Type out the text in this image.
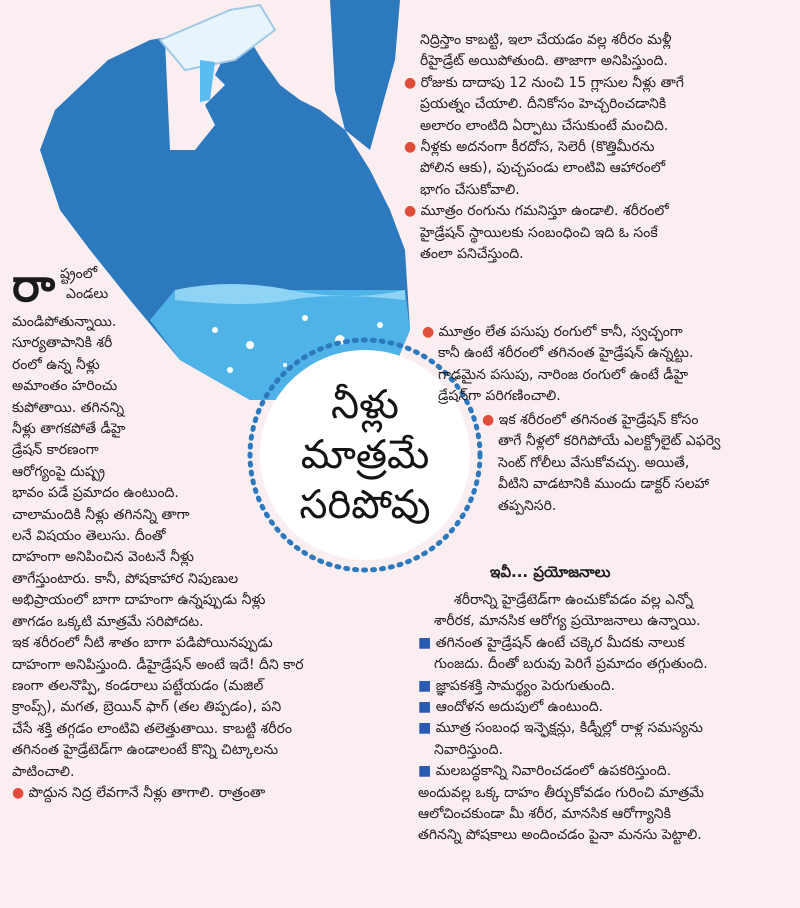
నీళ్లు
మాత్రమే
సరిపోవు
రా ష్ట్రంలో
ఎండలు
మండిపోతున్నాయి.
సూర్యతాపానికి శరీ
రంలో ఉన్న నీళ్లు
అమాంతం హరించు
కుపోతాయి. తగినన్ని
నీళ్లు తాగకపోతే డీహై
డ్రేషన్ కారణంగా
ఆరోగ్యంపై దుష్ప్ర
భావం పడే ప్రమాదం ఉంటుంది.
చాలామందికి నీళ్లు తగినన్ని తాగా
లనే విషయం తెలుసు. దీంతో
దాహంగా అనిపించిన వెంటనే నీళ్లు
తాగేస్తుంటారు. కానీ, పోషకాహార నిపుణుల
అభిప్రాయంలో బాగా దాహంగా ఉన్నప్పుడు నీళ్లు
తాగడం ఒక్కటి మాత్రమే సరిపోదట.
ఇక శరీరంలో నీటి శాతం బాగా పడిపోయినప్పుడు
దాహంగా అనిపిస్తుంది. డీహైడ్రేషన్ అంటే ఇదే! దీని కార
ణంగా తలనొప్పి, కండరాలు పట్టేయడం (మజిల్
క్రాంప్స్), మగత, బ్రెయిన్ ఫాగ్ (తల తిప్పడం), పని
చేసే శక్తి తగ్గడం లాంటివి తలెత్తుతాయి. కాబట్టి శరీరం
తగినంత హైడ్రేటెడ్‌గా ఉండాలంటే కొన్ని చిట్కాలను
పాటించాలి.
● పొద్దున నిద్ర లేవగానే నీళ్లు తాగాలి. రాత్రంతా
నిద్రిస్తాం కాబట్టి, ఇలా చేయడం వల్ల శరీరం మళ్లీ
రీహైడ్రేట్ అయిపోతుంది. తాజాగా అనిపిస్తుంది.
● రోజుకు దాదాపు 12 నుంచి 15 గ్లాసుల నీళ్లు తాగే
ప్రయత్నం చేయాలి. దీనికోసం హెచ్చరించడానికి
అలారం లాంటిది ఏర్పాటు చేసుకుంటే మంచిది.
● నీళ్లకు అదనంగా కీరదోస, సెలెరీ (కొత్తిమీరను
పోలిన ఆకు), పుచ్చపండు లాంటివి ఆహారంలో
భాగం చేసుకోవాలి.
● మూత్రం రంగును గమనిస్తూ ఉండాలి. శరీరంలో
హైడ్రేషన్ స్థాయిలకు సంబంధించి ఇది ఓ సంకే
తంలా పనిచేస్తుంది.
● మూత్రం లేత పసుపు రంగులో కానీ, స్వచ్ఛంగా
కానీ ఉంటే శరీరంలో తగినంత హైడ్రేషన్ ఉన్నట్టు.
గాఢమైన పసుపు, నారింజ రంగులో ఉంటే డీహై
డ్రేషన్‌గా పరిగణించాలి.
● ఇక శరీరంలో తగినంత హైడ్రేషన్ కోసం
తాగే నీళ్లలో కరిగిపోయే ఎలక్ట్రోలైట్ ఎఫర్వె
సెంట్ గోలీలు వేసుకోవచ్చు. అయితే,
వీటిని వాడటానికి ముందు డాక్టర్ సలహా
తప్పనిసరి.
ఇవీ... ప్రయోజనాలు
శరీరాన్ని హైడ్రేటెడ్‌గా ఉంచుకోవడం వల్ల ఎన్నో
శారీరక, మానసిక ఆరోగ్య ప్రయోజనాలు ఉన్నాయి.
■ తగినంత హైడ్రేషన్ ఉంటే చక్కెర మీదకు నాలుక
గుంజదు. దీంతో బరువు పెరిగే ప్రమాదం తగ్గుతుంది.
■ జ్ఞాపకశక్తి సామర్థ్యం పెరుగుతుంది.
■ ఆందోళన అదుపులో ఉంటుంది.
■ మూత్ర సంబంధ ఇన్ఫెక్షన్లు, కిడ్నీల్లో రాళ్ల సమస్యను
నివారిస్తుంది.
■ మలబద్ధకాన్ని నివారించడంలో ఉపకరిస్తుంది.
అందువల్ల ఒక్క దాహం తీర్చుకోవడం గురించి మాత్రమే
ఆలోచించకుండా మీ శరీర, మానసిక ఆరోగ్యానికి
తగినన్ని పోషకాలు అందించడం పైనా మనసు పెట్టాలి.
